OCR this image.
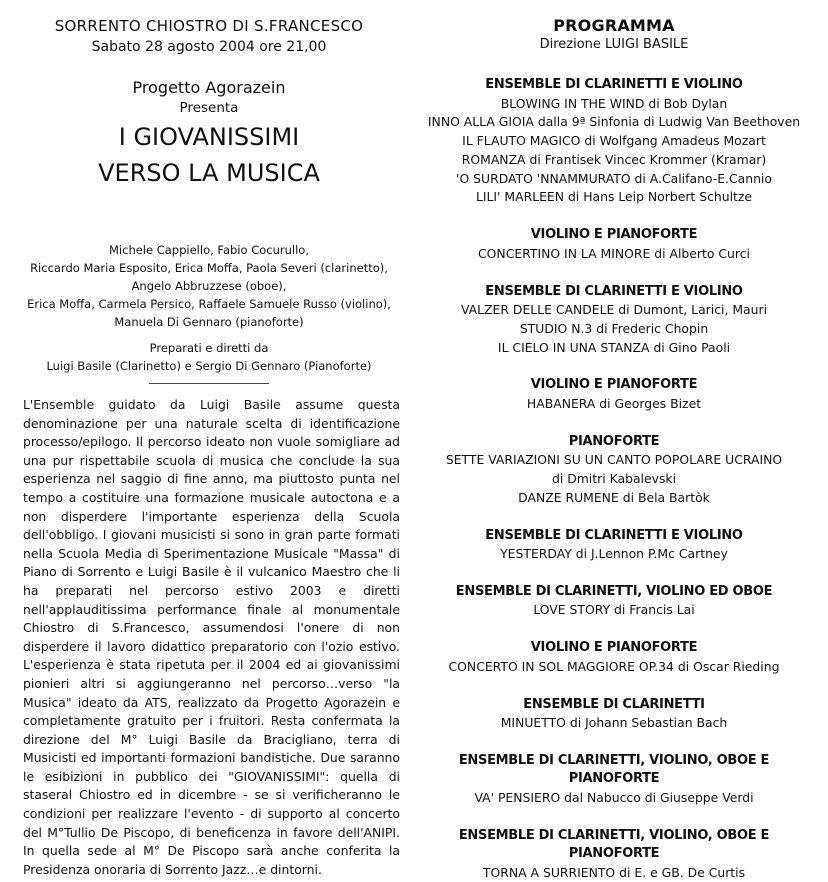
SORRENTO CHIOSTRO DI S.FRANCESCO
Sabato 28 agosto 2004 ore 21,00
Progetto Agorazein
Presenta
I GIOVANISSIMI
VERSO LA MUSICA
Michele Cappiello, Fabio Cocurullo,
Riccardo Maria Esposito, Erica Moffa, Paola Severi (clarinetto),
Angelo Abbruzzese (oboe),
Erica Moffa, Carmela Persico, Raffaele Samuele Russo (violino),
Manuela Di Gennaro (pianoforte)
Preparati e diretti da
Luigi Basile (Clarinetto) e Sergio Di Gennaro (Pianoforte)
L'Ensemble guidato da Luigi Basile assume questa denominazione per una naturale scelta di identificazione processo/epilogo. Il percorso ideato non vuole somigliare ad una pur rispettabile scuola di musica che conclude la sua esperienza nel saggio di fine anno, ma piuttosto punta nel tempo a costituire una formazione musicale autoctona e a non disperdere l'importante esperienza della Scuola dell'obbligo. I giovani musicisti si sono in gran parte formati nella Scuola Media di Sperimentazione Musicale "Massa" di Piano di Sorrento e Luigi Basile è il vulcanico Maestro che li ha preparati nel percorso estivo 2003 e diretti nell'applauditissima performance finale al monumentale Chiostro di S.Francesco, assumendosi l'onere di non disperdere il lavoro didattico preparatorio con l'ozio estivo. L'esperienza è stata ripetuta per il 2004 ed ai giovanissimi pionieri altri si aggiungeranno nel percorso…verso "la Musica" ideato da ATS, realizzato da Progetto Agorazein e completamente gratuito per i fruitori. Resta confermata la direzione del M° Luigi Basile da Bracigliano, terra di Musicisti ed importanti formazioni bandistiche. Due saranno le esibizioni in pubblico dei "GIOVANISSIMI": quella di staseral Chiostro ed in dicembre - se si verificheranno le condizioni per realizzare l'evento - di supporto al concerto del M°Tullio De Piscopo, di beneficenza in favore dell'ANIPI. In quella sede al M° De Piscopo sarà anche conferita la Presidenza onoraria di Sorrento Jazz…e dintorni.
PROGRAMMA
Direzione LUIGI BASILE
ENSEMBLE DI CLARINETTI E VIOLINO
BLOWING IN THE WIND di Bob Dylan
INNO ALLA GIOIA dalla 9ª Sinfonia di Ludwig Van Beethoven
IL FLAUTO MAGICO di Wolfgang Amadeus Mozart
ROMANZA di Frantisek Vincec Krommer (Kramar)
'O SURDATO 'NNAMMURATO di A.Califano-E.Cannio
LILI' MARLEEN di Hans Leip Norbert Schultze
VIOLINO E PIANOFORTE
CONCERTINO IN LA MINORE di Alberto Curci
ENSEMBLE DI CLARINETTI E VIOLINO
VALZER DELLE CANDELE di Dumont, Larici, Mauri
STUDIO N.3 di Frederic Chopin
IL CIELO IN UNA STANZA di Gino Paoli
VIOLINO E PIANOFORTE
HABANERA di Georges Bizet
PIANOFORTE
SETTE VARIAZIONI SU UN CANTO POPOLARE UCRAINO
di Dmitri Kabalevski
DANZE RUMENE di Bela Bartòk
ENSEMBLE DI CLARINETTI E VIOLINO
YESTERDAY di J.Lennon P.Mc Cartney
ENSEMBLE DI CLARINETTI, VIOLINO ED OBOE
LOVE STORY di Francis Lai
VIOLINO E PIANOFORTE
CONCERTO IN SOL MAGGIORE OP.34 di Oscar Rieding
ENSEMBLE DI CLARINETTI
MINUETTO di Johann Sebastian Bach
ENSEMBLE DI CLARINETTI, VIOLINO, OBOE E PIANOFORTE
VA' PENSIERO dal Nabucco di Giuseppe Verdi
ENSEMBLE DI CLARINETTI, VIOLINO, OBOE E PIANOFORTE
TORNA A SURRIENTO di E. e GB. De Curtis
